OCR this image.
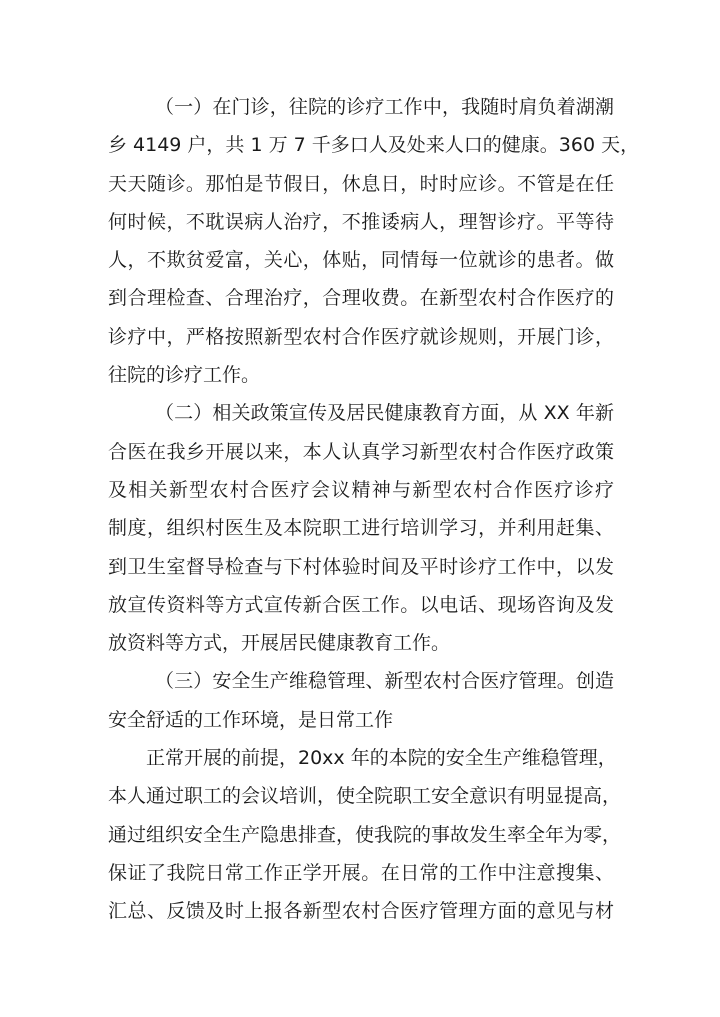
（一）在门诊，往院的诊疗工作中，我随时肩负着湖潮
乡 4149 户，共 1 万 7 千多口人及处来人口的健康。360 天，
天天随诊。那怕是节假日，休息日，时时应诊。不管是在任
何时候，不耽误病人治疗，不推诿病人，理智诊疗。平等待
人，不欺贫爱富，关心，体贴，同情每一位就诊的患者。做
到合理检查、合理治疗，合理收费。在新型农村合作医疗的
诊疗中，严格按照新型农村合作医疗就诊规则，开展门诊，
往院的诊疗工作。
（二）相关政策宣传及居民健康教育方面，从 XX 年新
合医在我乡开展以来，本人认真学习新型农村合作医疗政策
及相关新型农村合医疗会议精神与新型农村合作医疗诊疗
制度，组织村医生及本院职工进行培训学习，并利用赶集、
到卫生室督导检查与下村体验时间及平时诊疗工作中，以发
放宣传资料等方式宣传新合医工作。以电话、现场咨询及发
放资料等方式，开展居民健康教育工作。
（三）安全生产维稳管理、新型农村合医疗管理。创造
安全舒适的工作环境，是日常工作
正常开展的前提，20xx 年的本院的安全生产维稳管理，
本人通过职工的会议培训，使全院职工安全意识有明显提高，
通过组织安全生产隐患排查，使我院的事故发生率全年为零，
保证了我院日常工作正学开展。在日常的工作中注意搜集、
汇总、反馈及时上报各新型农村合医疗管理方面的意见与材
